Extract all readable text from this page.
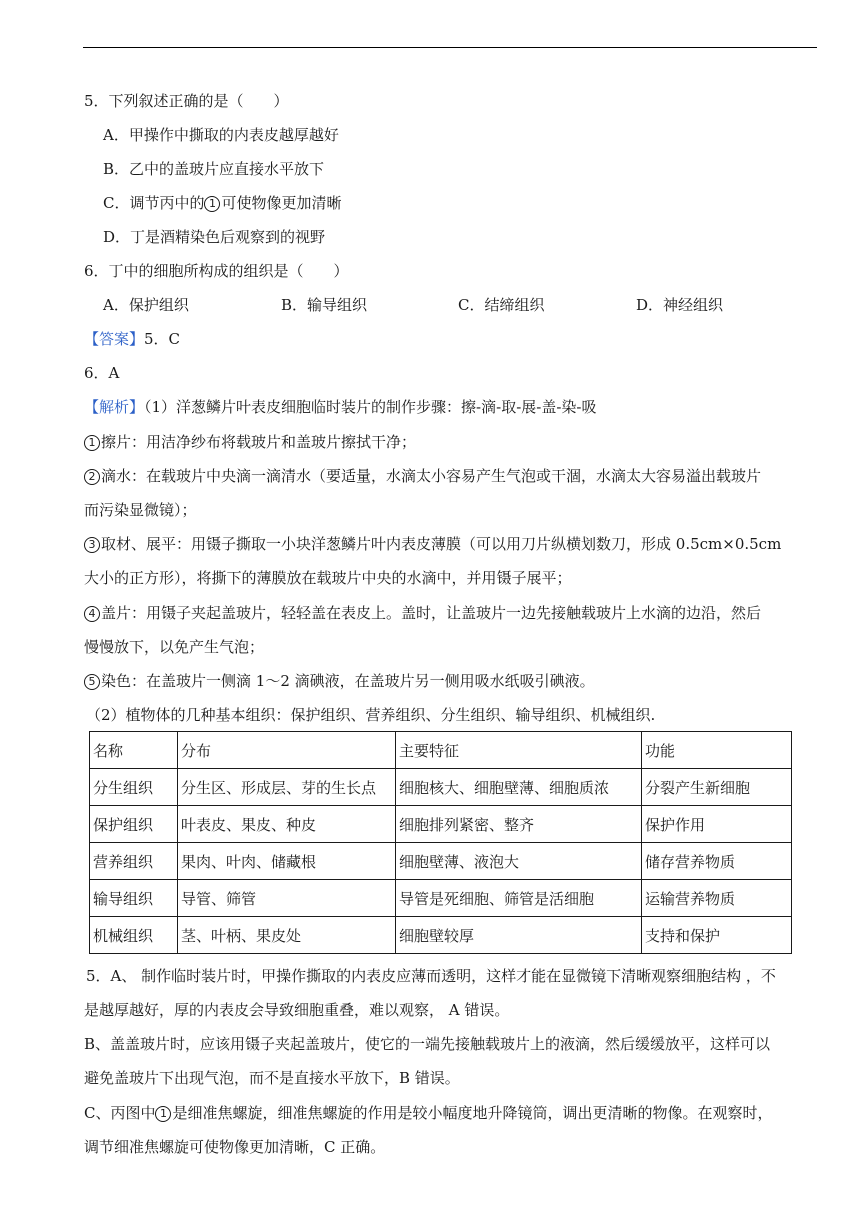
5．下列叙述正确的是（　　）
A．甲操作中撕取的内表皮越厚越好
B．乙中的盖玻片应直接水平放下
C．调节丙中的 1 可使物像更加清晰
D．丁是酒精染色后观察到的视野
6．丁中的细胞所构成的组织是（　　）
A．保护组织	B．输导组织	C．结缔组织	D．神经组织
【答案】5．C
6．A
【解析】（1）洋葱鳞片叶表皮细胞临时装片的制作步骤：擦-滴-取-展-盖-染-吸
1 擦片：用洁净纱布将载玻片和盖玻片擦拭干净；
2 滴水：在载玻片中央滴一滴清水（要适量，水滴太小容易产生气泡或干涸，水滴太大容易溢出载玻片
而污染显微镜）；
3 取材、展平：用镊子撕取一小块洋葱鳞片叶内表皮薄膜（可以用刀片纵横划数刀，形成 0.5cm×0.5cm
大小的正方形），将撕下的薄膜放在载玻片中央的水滴中，并用镊子展平；
4 盖片：用镊子夹起盖玻片，轻轻盖在表皮上。盖时，让盖玻片一边先接触载玻片上水滴的边沿，然后
慢慢放下，以免产生气泡；
5 染色：在盖玻片一侧滴 1～2 滴碘液，在盖玻片另一侧用吸水纸吸引碘液。
（2）植物体的几种基本组织：保护组织、营养组织、分生组织、输导组织、机械组织.
名称	分布	主要特征	功能
分生组织	分生区、形成层、芽的生长点	细胞核大、细胞壁薄、细胞质浓	分裂产生新细胞
保护组织	叶表皮、果皮、种皮	细胞排列紧密、整齐	保护作用
营养组织	果肉、叶肉、储藏根	细胞壁薄、液泡大	储存营养物质
输导组织	导管、筛管	导管是死细胞、筛管是活细胞	运输营养物质
机械组织	茎、叶柄、果皮处	细胞壁较厚	支持和保护
5．A、 制作临时装片时，甲操作撕取的内表皮应薄而透明，这样才能在显微镜下清晰观察细胞结构 ，不
是越厚越好，厚的内表皮会导致细胞重叠，难以观察， A 错误。
B、盖盖玻片时，应该用镊子夹起盖玻片，使它的一端先接触载玻片上的液滴，然后缓缓放平，这样可以
避免盖玻片下出现气泡，而不是直接水平放下，B 错误。
C、丙图中 1 是细准焦螺旋，细准焦螺旋的作用是较小幅度地升降镜筒，调出更清晰的物像。在观察时，
调节细准焦螺旋可使物像更加清晰，C 正确。
